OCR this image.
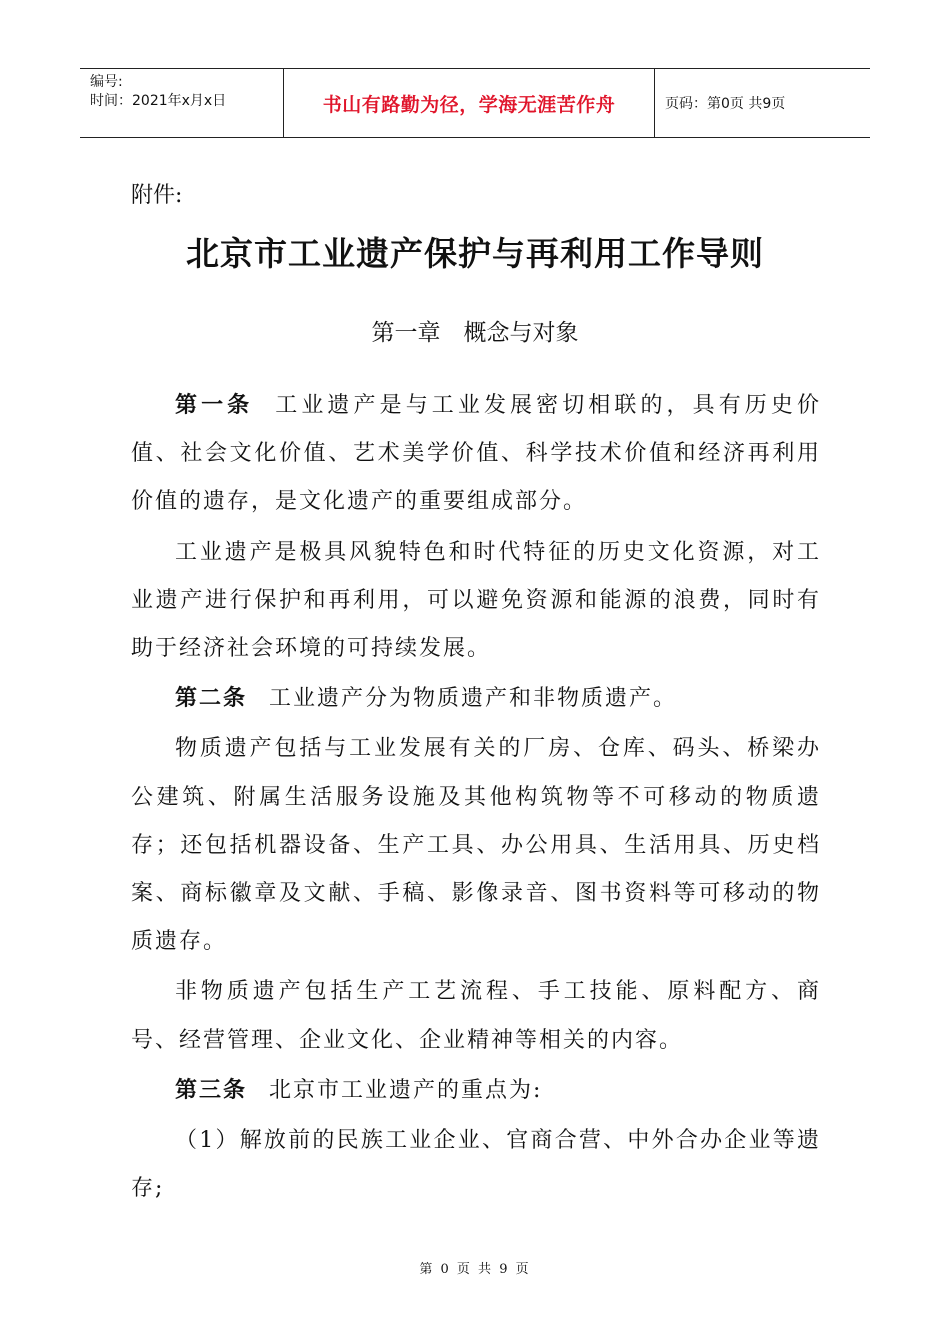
编号:
时间：2021年x月x日	书山有路勤为径，学海无涯苦作舟	页码：第0页 共9页
附件:
北京市工业遗产保护与再利用工作导则
第一章　概念与对象

第一条 工业遗产是与工业发展密切相联的，具有历史价值、社会文化价值、艺术美学价值、科学技术价值和经济再利用价值的遗存，是文化遗产的重要组成部分。

工业遗产是极具风貌特色和时代特征的历史文化资源，对工业遗产进行保护和再利用，可以避免资源和能源的浪费，同时有助于经济社会环境的可持续发展。

第二条 工业遗产分为物质遗产和非物质遗产。

物质遗产包括与工业发展有关的厂房、仓库、码头、桥梁办公建筑、附属生活服务设施及其他构筑物等不可移动的物质遗存；还包括机器设备、生产工具、办公用具、生活用具、历史档案、商标徽章及文献、手稿、影像录音、图书资料等可移动的物质遗存。

非物质遗产包括生产工艺流程、手工技能、原料配方、商号、经营管理、企业文化、企业精神等相关的内容。

第三条 北京市工业遗产的重点为:

（1）解放前的民族工业企业、官商合营、中外合办企业等遗存;

第 0 页 共 9 页
